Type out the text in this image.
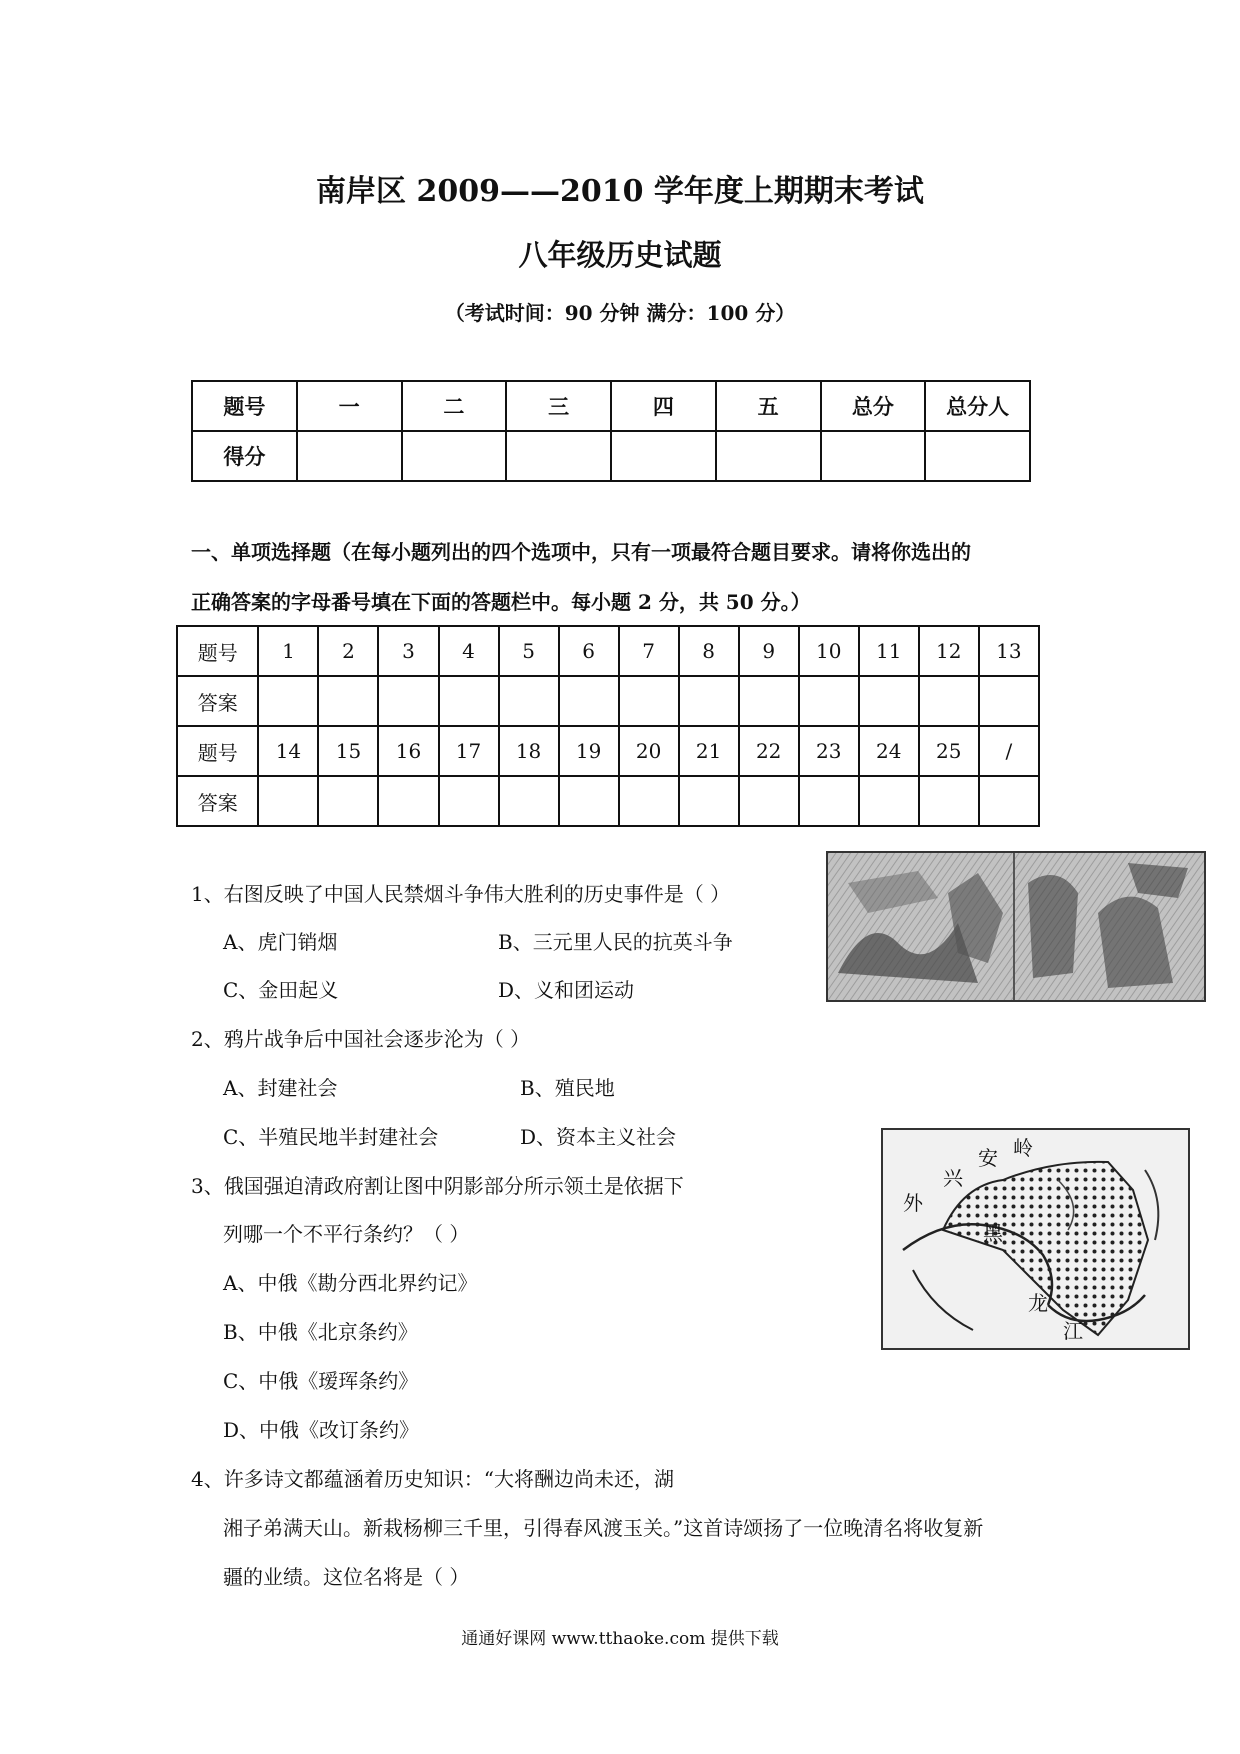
南岸区 2009——2010 学年度上期期末考试
八年级历史试题
（考试时间：90 分钟 满分：100 分）
题号	一	二	三	四	五	总分	总分人
得分							
一、单项选择题（在每小题列出的四个选项中，只有一项最符合题目要求。请将你选出的
正确答案的字母番号填在下面的答题栏中。每小题 2 分，共 50 分。）
题号	1	2	3	4	5	6	7	8	9	10	11	12	13
答案													
题号	14	15	16	17	18	19	20	21	22	23	24	25	/
答案													
1、右图反映了中国人民禁烟斗争伟大胜利的历史事件是（ ）
A、虎门销烟	B、三元里人民的抗英斗争
C、金田起义	D、义和团运动
2、鸦片战争后中国社会逐步沦为（ ）
A、封建社会	B、殖民地
C、半殖民地半封建社会	D、资本主义社会
3、俄国强迫清政府割让图中阴影部分所示领土是依据下
列哪一个不平行条约？（ ）
A、中俄《勘分西北界约记》
B、中俄《北京条约》
C、中俄《瑷珲条约》
D、中俄《改订条约》
兴
安 岭
外
黑
龙
江
4、许多诗文都蕴涵着历史知识：“大将酬边尚未还，湖
湘子弟满天山。新栽杨柳三千里，引得春风渡玉关。”这首诗颂扬了一位晚清名将收复新
疆的业绩。这位名将是（ ）
通通好课网 www.tthaoke.com 提供下载
